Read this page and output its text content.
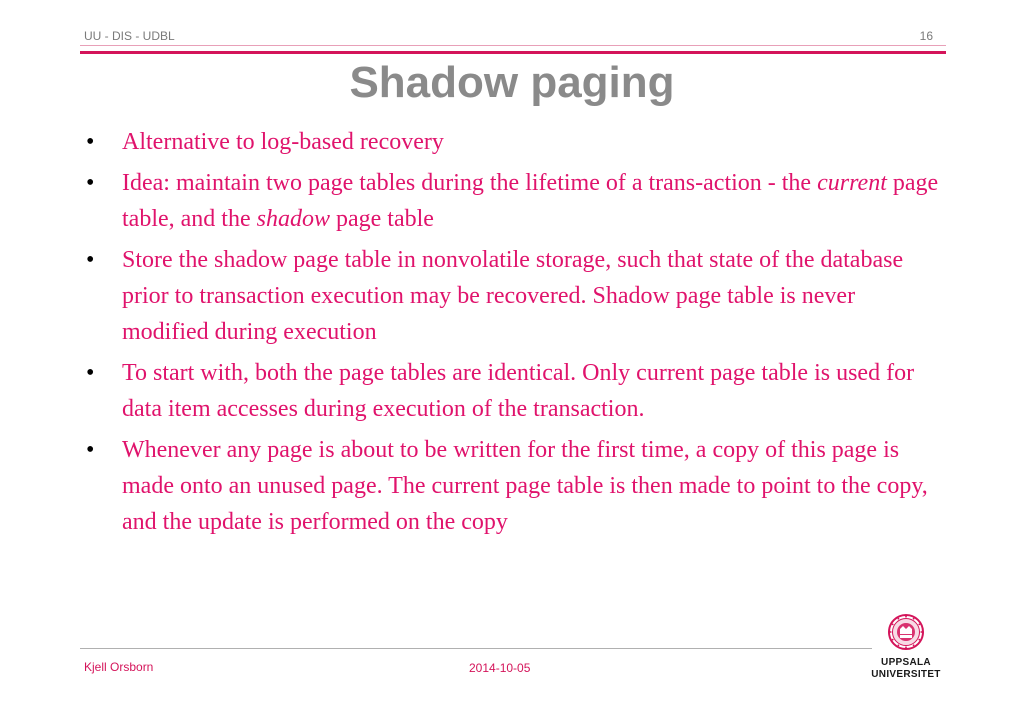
UU - DIS - UDBL	16
Shadow paging
• Alternative to log-based recovery
• Idea: maintain two page tables during the lifetime of a trans-action - the current page table, and the shadow page table
• Store the shadow page table in nonvolatile storage, such that state of the database prior to transaction execution may be recovered. Shadow page table is never modified during execution
• To start with, both the page tables are identical. Only current page table is used for data item accesses during execution of the transaction.
• Whenever any page is about to be written for the first time, a copy of this page is made onto an unused page. The current page table is then made to point to the copy, and the update is performed on the copy
Kjell Orsborn	2014-10-05	UPPSALA
UNIVERSITET
